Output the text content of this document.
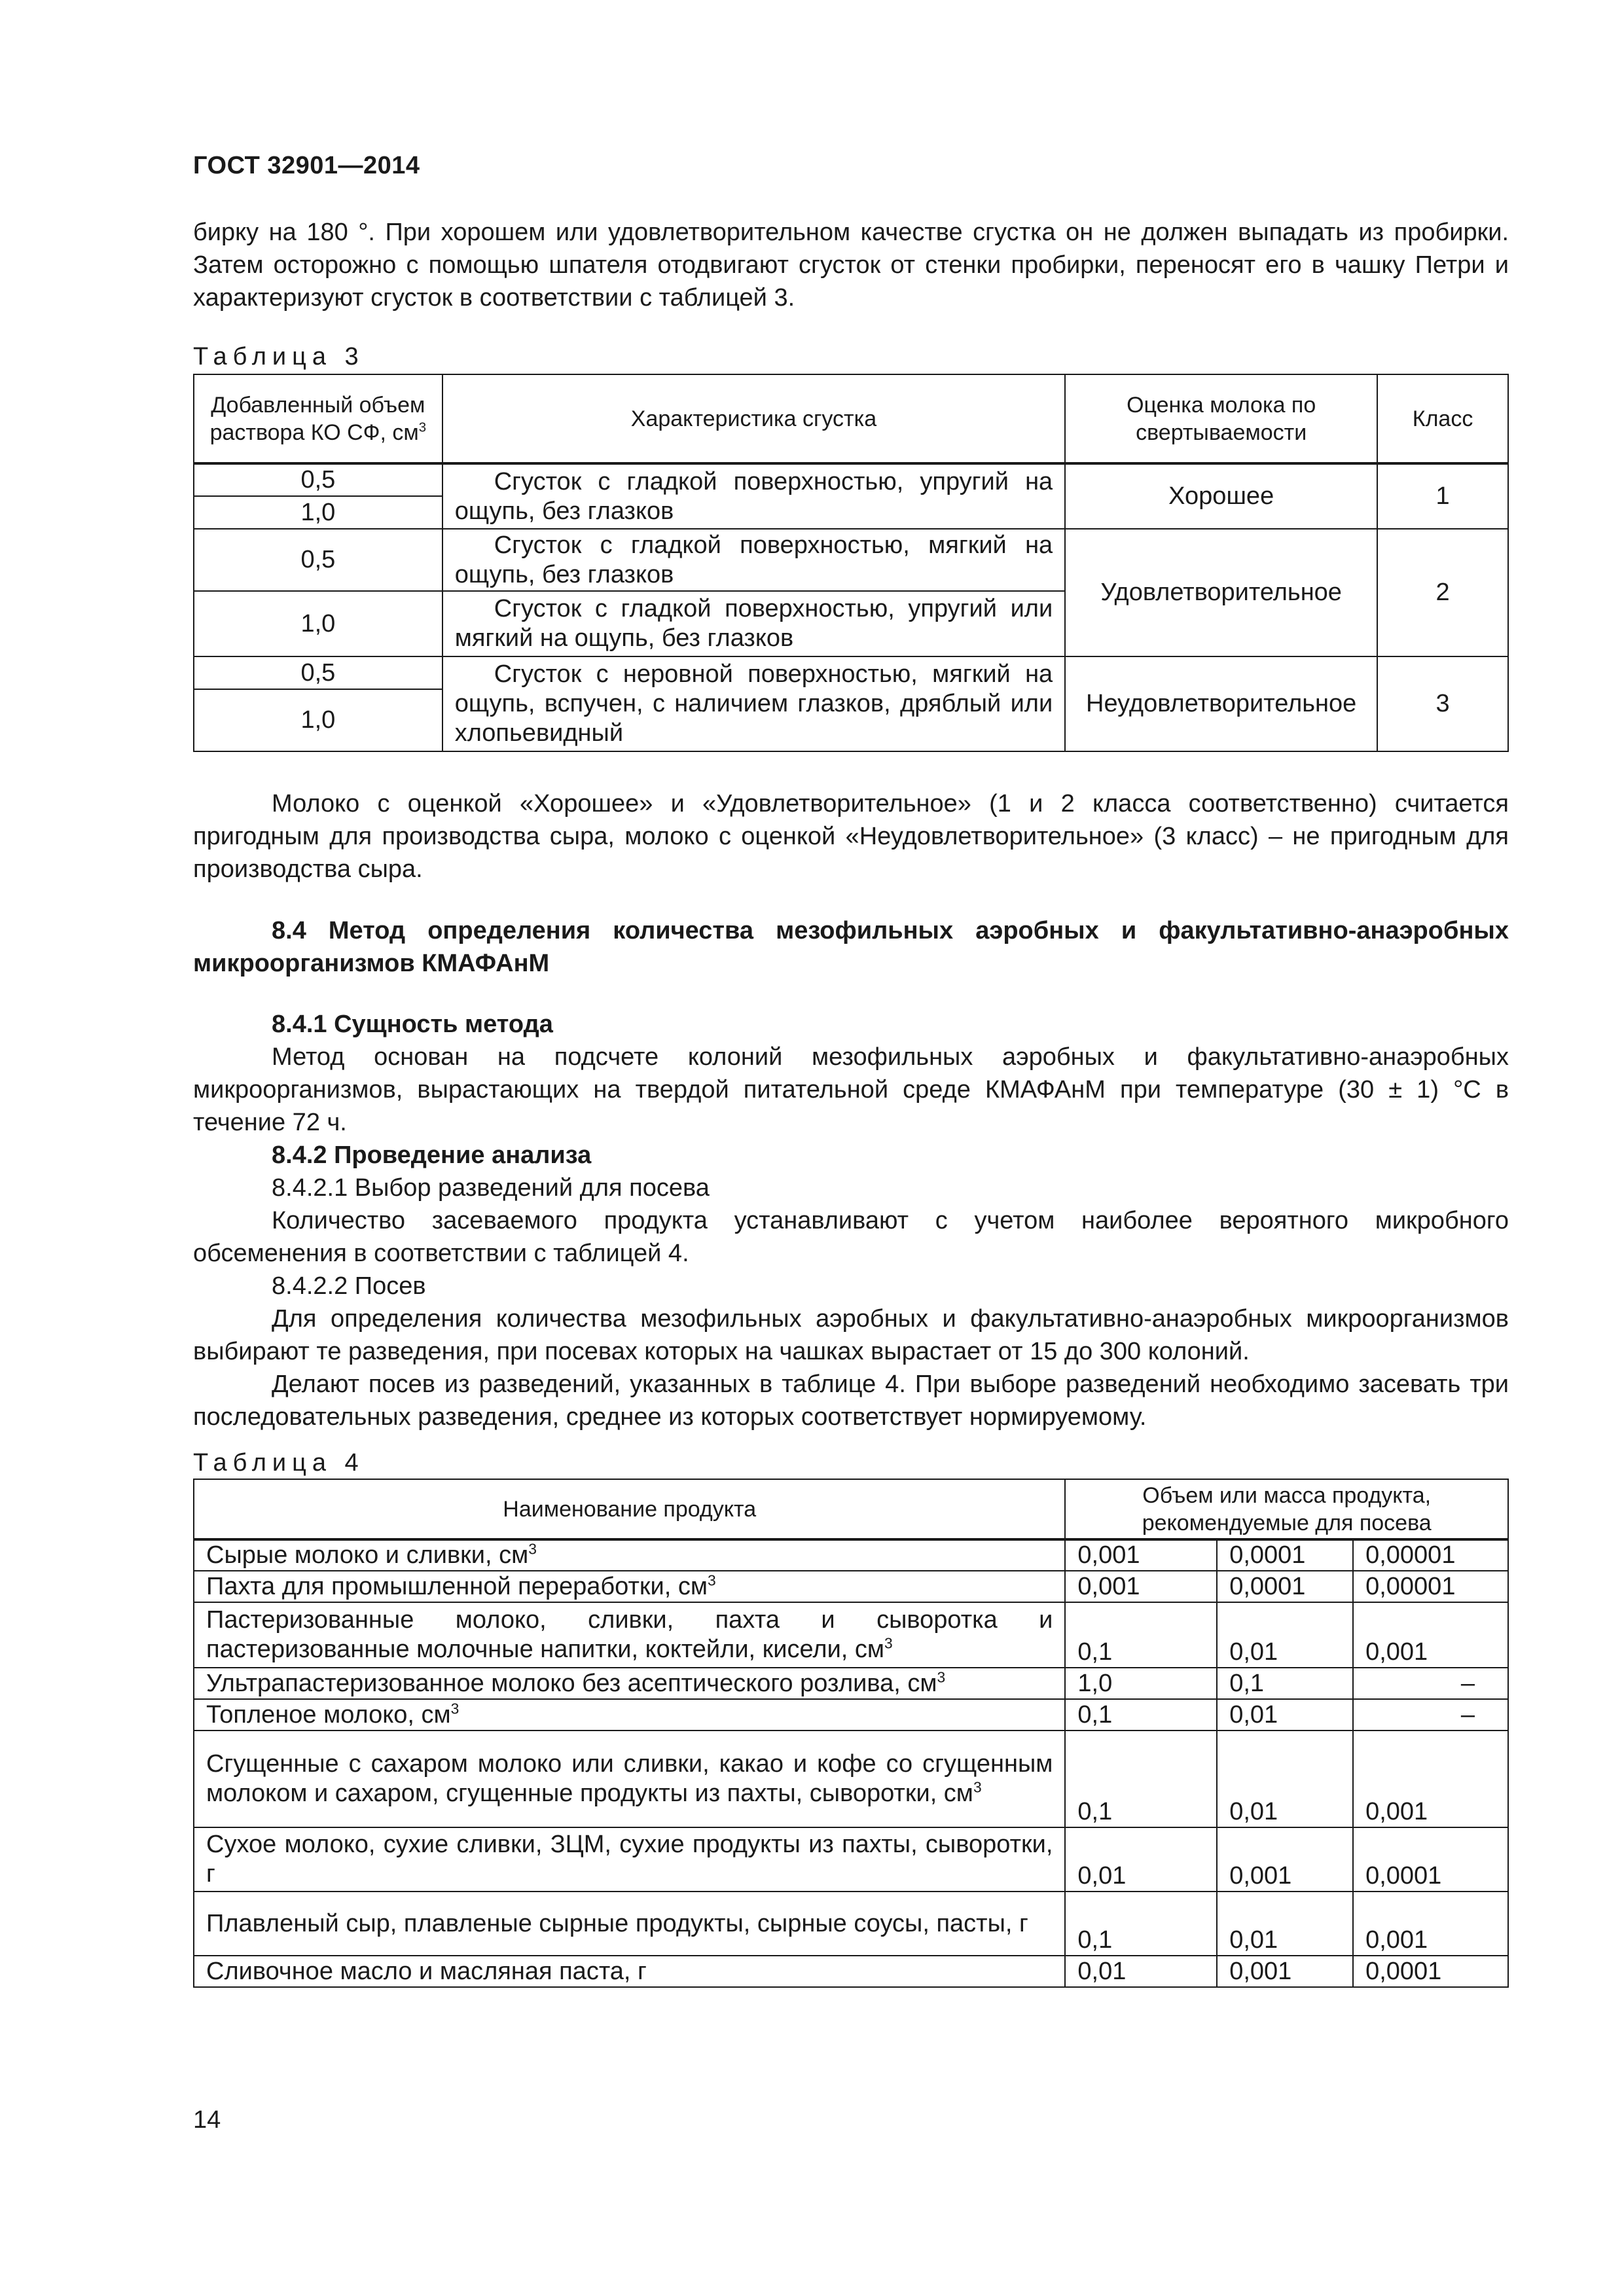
ГОСТ 32901—2014

бирку на 180 °. При хорошем или удовлетворительном качестве сгустка он не должен выпадать из пробирки. Затем осторожно с помощью шпателя отодвигают сгусток от стенки пробирки, переносят его в чашку Петри и характеризуют сгусток в соответствии с таблицей 3.

Таблица 3
Добавленный объем раствора КО СФ, $см^3$	Характеристика сгустка	Оценка молока по свертываемости	Класс
0,5	Сгусток с гладкой поверхностью, упругий на ощупь, без глазков	Хорошее	1
1,0			
0,5	Сгусток с гладкой поверхностью, мягкий на ощупь, без глазков	Удовлетворительное	2
1,0	Сгусток с гладкой поверхностью, упругий или мягкий на ощупь, без глазков		
0,5	Сгусток с неровной поверхностью, мягкий на ощупь, вспучен, с наличием глазков, дряблый или хлопьевидный	Неудовлетворительное	3
1,0			

Молоко с оценкой «Хорошее» и «Удовлетворительное» (1 и 2 класса соответственно) считается пригодным для производства сыра, молоко с оценкой «Неудовлетворительное» (3 класс) – не пригодным для производства сыра.

8.4 Метод определения количества мезофильных аэробных и факультативно-анаэробных микроорганизмов КМАФАнМ

8.4.1 Сущность метода

Метод основан на подсчете колоний мезофильных аэробных и факультативно-анаэробных микроорганизмов, вырастающих на твердой питательной среде КМАФАнМ при температуре (30 ± 1) °С в течение 72 ч.

8.4.2 Проведение анализа

8.4.2.1 Выбор разведений для посева

Количество засеваемого продукта устанавливают с учетом наиболее вероятного микробного обсеменения в соответствии с таблицей 4.

8.4.2.2 Посев

Для определения количества мезофильных аэробных и факультативно-анаэробных микроорганизмов выбирают те разведения, при посевах которых на чашках вырастает от 15 до 300 колоний.

Делают посев из разведений, указанных в таблице 4. При выборе разведений необходимо засевать три последовательных разведения, среднее из которых соответствует нормируемому.

Таблица 4
Наименование продукта	Объем или масса продукта, рекомендуемые для посева		
Сырые молоко и сливки, $см^3$	0,001	0,0001	0,00001
Пахта для промышленной переработки, $см^3$	0,001	0,0001	0,00001
Пастеризованные молоко, сливки, пахта и сыворотка и пастеризованные молочные напитки, коктейли, кисели, $см^3$	0,1	0,01	0,001
Ультрапастеризованное молоко без асептического розлива, $см^3$	1,0	0,1	–
Топленое молоко, $см^3$	0,1	0,01	–
Сгущенные с сахаром молоко или сливки, какао и кофе со сгущенным молоком и сахаром, сгущенные продукты из пахты, сыворотки, $см^3$	0,1	0,01	0,001
Сухое молоко, сухие сливки, ЗЦМ, сухие продукты из пахты, сыворотки, г	0,01	0,001	0,0001
Плавленый сыр, плавленые сырные продукты, сырные соусы, пасты, г	0,1	0,01	0,001
Сливочное масло и масляная паста, г	0,01	0,001	0,0001
14
